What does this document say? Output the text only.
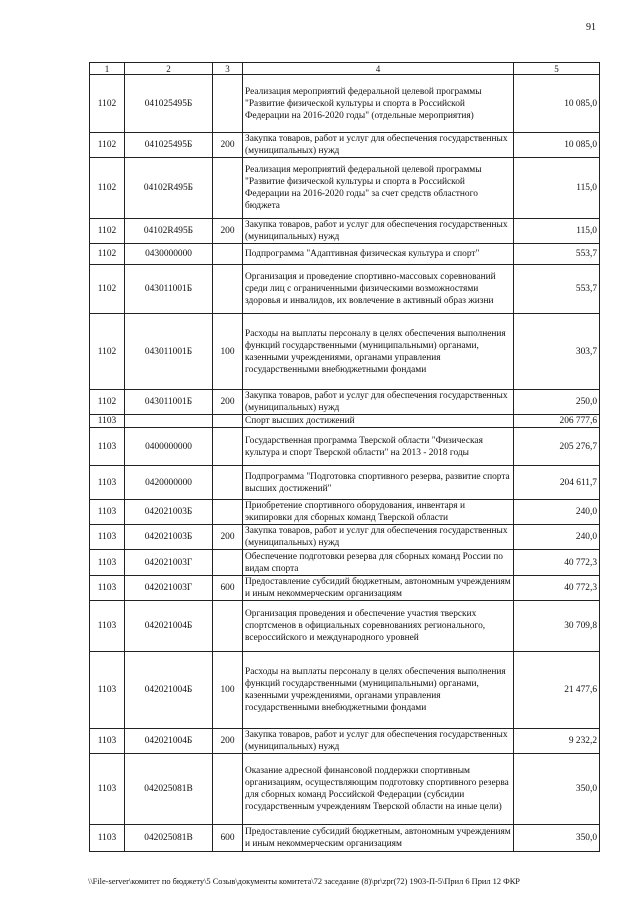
91
1	2	3	4	5
1102	041025495Б		Реализация мероприятий федеральной целевой программы "Развитие физической культуры и спорта в Российской Федерации на 2016-2020 годы" (отдельные мероприятия)	10 085,0
1102	041025495Б	200	Закупка товаров, работ и услуг для обеспечения государственных (муниципальных) нужд	10 085,0
1102	04102R495Б		Реализация мероприятий федеральной целевой программы "Развитие физической культуры и спорта в Российской Федерации на 2016-2020 годы" за счет средств областного бюджета	115,0
1102	04102R495Б	200	Закупка товаров, работ и услуг для обеспечения государственных (муниципальных) нужд	115,0
1102	0430000000		Подпрограмма "Адаптивная физическая культура и спорт"	553,7
1102	043011001Б		Организация и проведение спортивно-массовых соревнований среди лиц с ограниченными физическими возможностями здоровья и инвалидов, их вовлечение в активный образ жизни	553,7
1102	043011001Б	100	Расходы на выплаты персоналу в целях обеспечения выполнения функций государственными (муниципальными) органами, казенными учреждениями, органами управления государственными внебюджетными фондами	303,7
1102	043011001Б	200	Закупка товаров, работ и услуг для обеспечения государственных (муниципальных) нужд	250,0
1103			Спорт высших достижений	206 777,6
1103	0400000000		Государственная программа Тверской области "Физическая культура и спорт Тверской области" на 2013 - 2018 годы	205 276,7
1103	0420000000		Подпрограмма "Подготовка спортивного резерва, развитие спорта высших достижений"	204 611,7
1103	042021003Б		Приобретение спортивного оборудования, инвентаря и экипировки для сборных команд Тверской области	240,0
1103	042021003Б	200	Закупка товаров, работ и услуг для обеспечения государственных (муниципальных) нужд	240,0
1103	042021003Г		Обеспечение подготовки резерва для сборных команд России по видам спорта	40 772,3
1103	042021003Г	600	Предоставление субсидий бюджетным, автономным учреждениям и иным некоммерческим организациям	40 772,3
1103	042021004Б		Организация проведения и обеспечение участия тверских спортсменов в официальных соревнованиях регионального, всероссийского и международного уровней	30 709,8
1103	042021004Б	100	Расходы на выплаты персоналу в целях обеспечения выполнения функций государственными (муниципальными) органами, казенными учреждениями, органами управления государственными внебюджетными фондами	21 477,6
1103	042021004Б	200	Закупка товаров, работ и услуг для обеспечения государственных (муниципальных) нужд	9 232,2
1103	042025081В		Оказание адресной финансовой поддержки спортивным организациям, осуществляющим подготовку спортивного резерва для сборных команд Российской Федерации (субсидии государственным учреждениям Тверской области на иные цели)	350,0
1103	042025081В	600	Предоставление субсидий бюджетным, автономным учреждениям и иным некоммерческим организациям	350,0
\\File-server\комитет по бюджету\5 Созыв\документы комитета\72 заседание (8)\pr\zpr(72) 1903-П-5\Прил 6 Прил 12 ФКР
